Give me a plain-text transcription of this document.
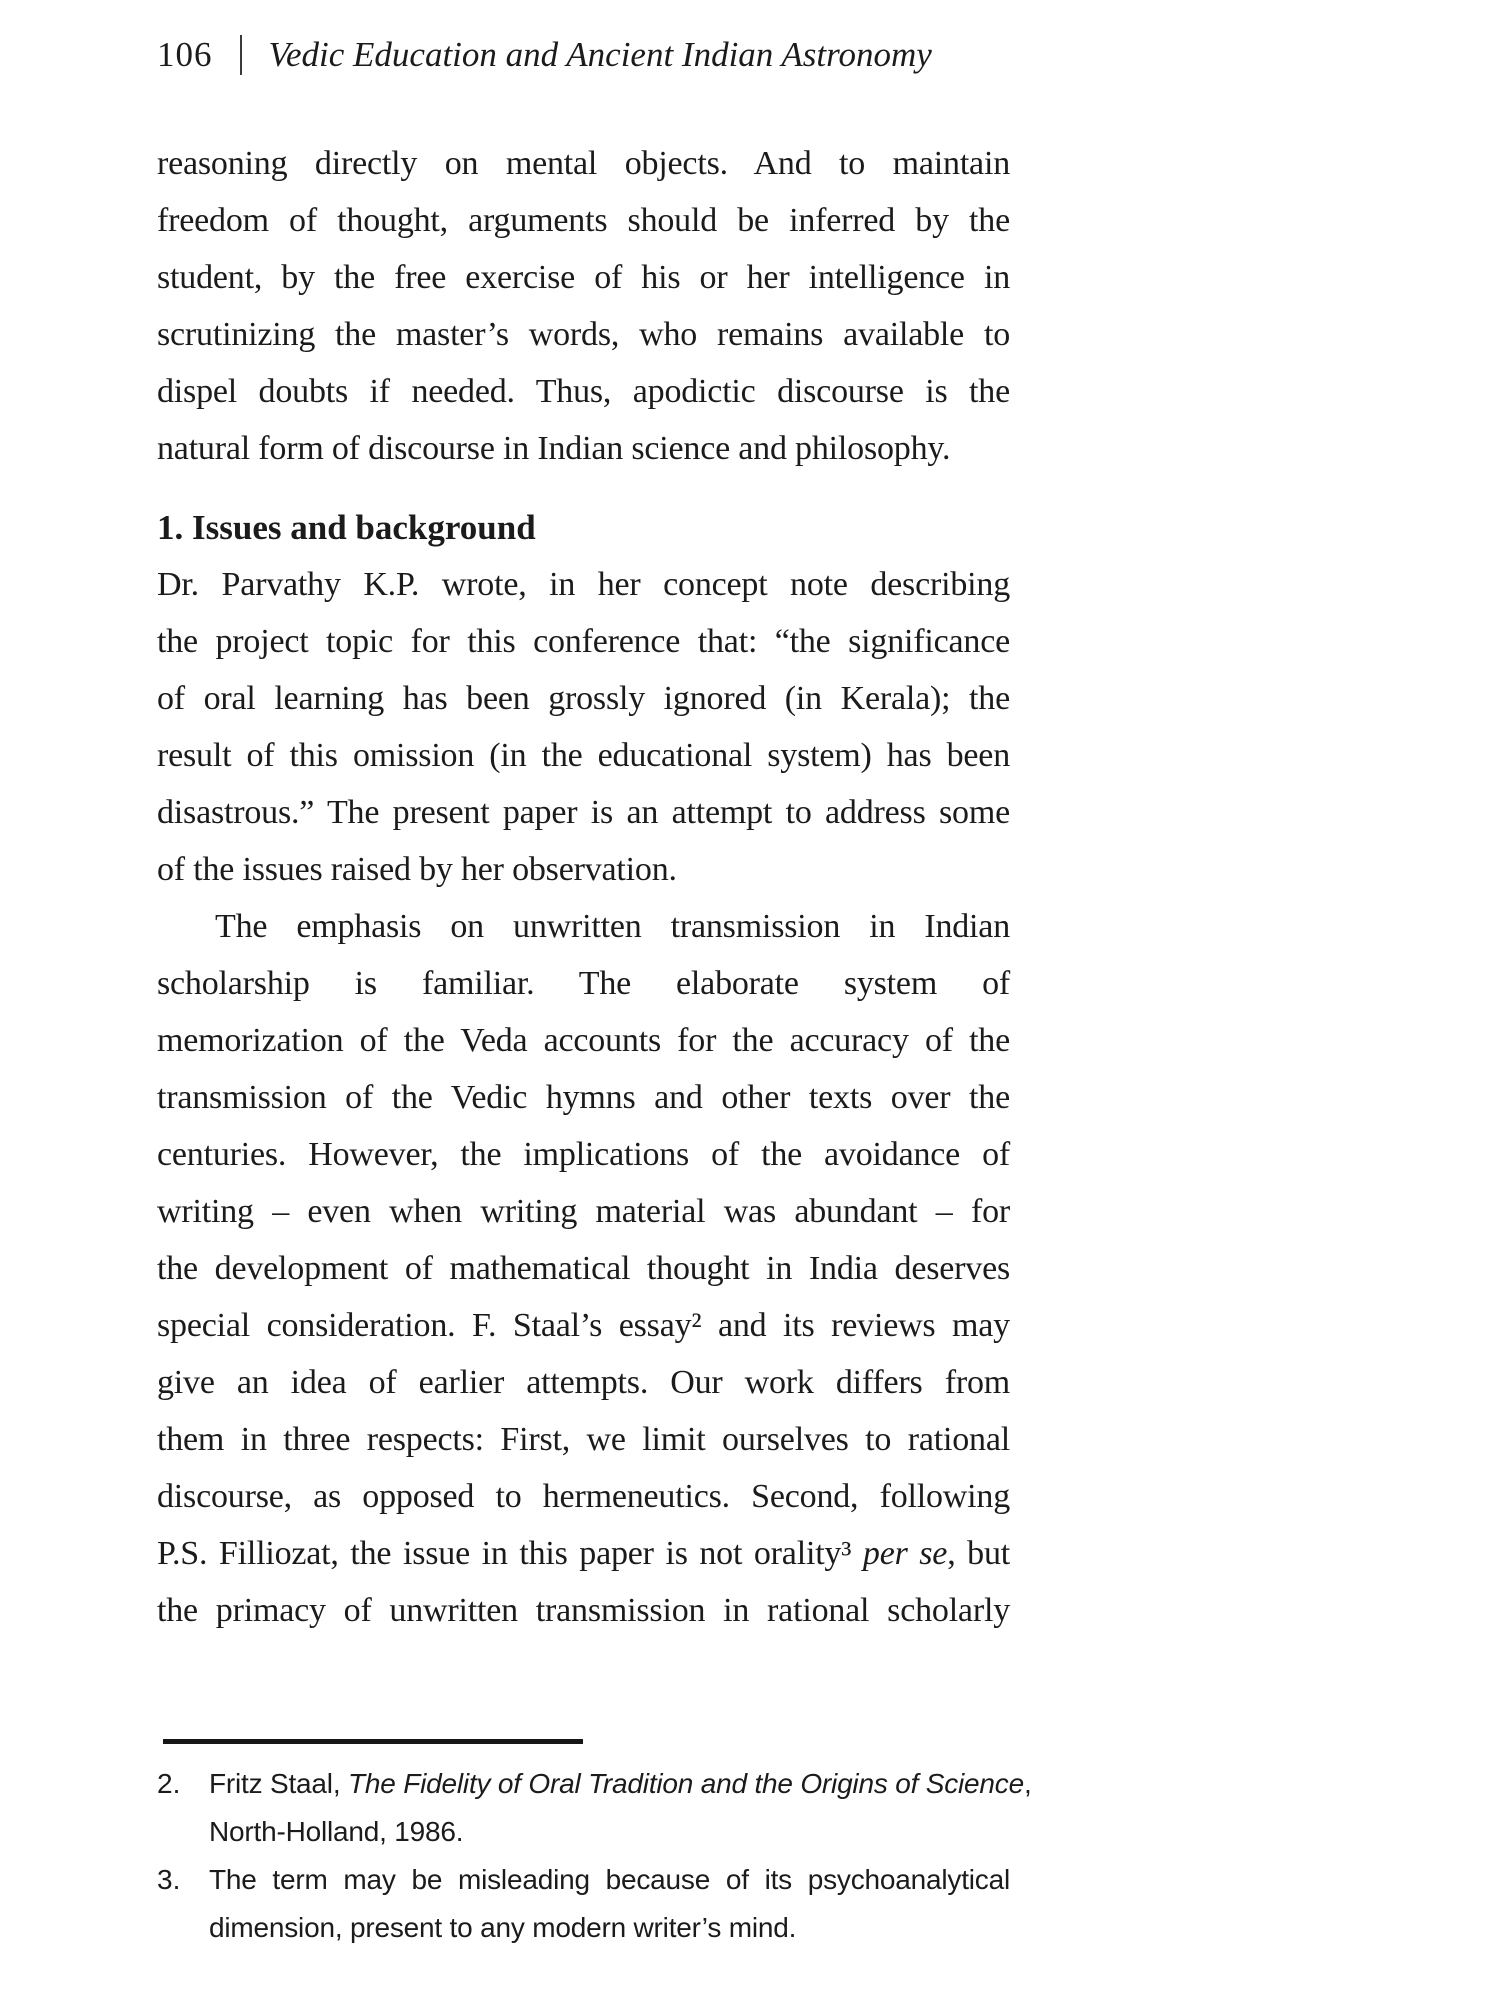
106 Vedic Education and Ancient Indian Astronomy
reasoning directly on mental objects. And to maintain
freedom of thought, arguments should be inferred by the
student, by the free exercise of his or her intelligence in
scrutinizing the master’s words, who remains available to
dispel doubts if needed. Thus, apodictic discourse is the
natural form of discourse in Indian science and philosophy.
1. Issues and background
Dr. Parvathy K.P. wrote, in her concept note describing
the project topic for this conference that: “the significance
of oral learning has been grossly ignored (in Kerala); the
result of this omission (in the educational system) has been
disastrous.” The present paper is an attempt to address some
of the issues raised by her observation.
The emphasis on unwritten transmission in Indian
scholarship is familiar. The elaborate system of
memorization of the Veda accounts for the accuracy of the
transmission of the Vedic hymns and other texts over the
centuries. However, the implications of the avoidance of
writing – even when writing material was abundant – for
the development of mathematical thought in India deserves
special consideration. F. Staal’s essay² and its reviews may
give an idea of earlier attempts. Our work differs from
them in three respects: First, we limit ourselves to rational
discourse, as opposed to hermeneutics. Second, following
P.S. Filliozat, the issue in this paper is not orality³ per se, but
the primacy of unwritten transmission in rational scholarly
2.	Fritz Staal, The Fidelity of Oral Tradition and the Origins of Science,
North-Holland, 1986.
3.	The term may be misleading because of its psychoanalytical
dimension, present to any modern writer’s mind.
